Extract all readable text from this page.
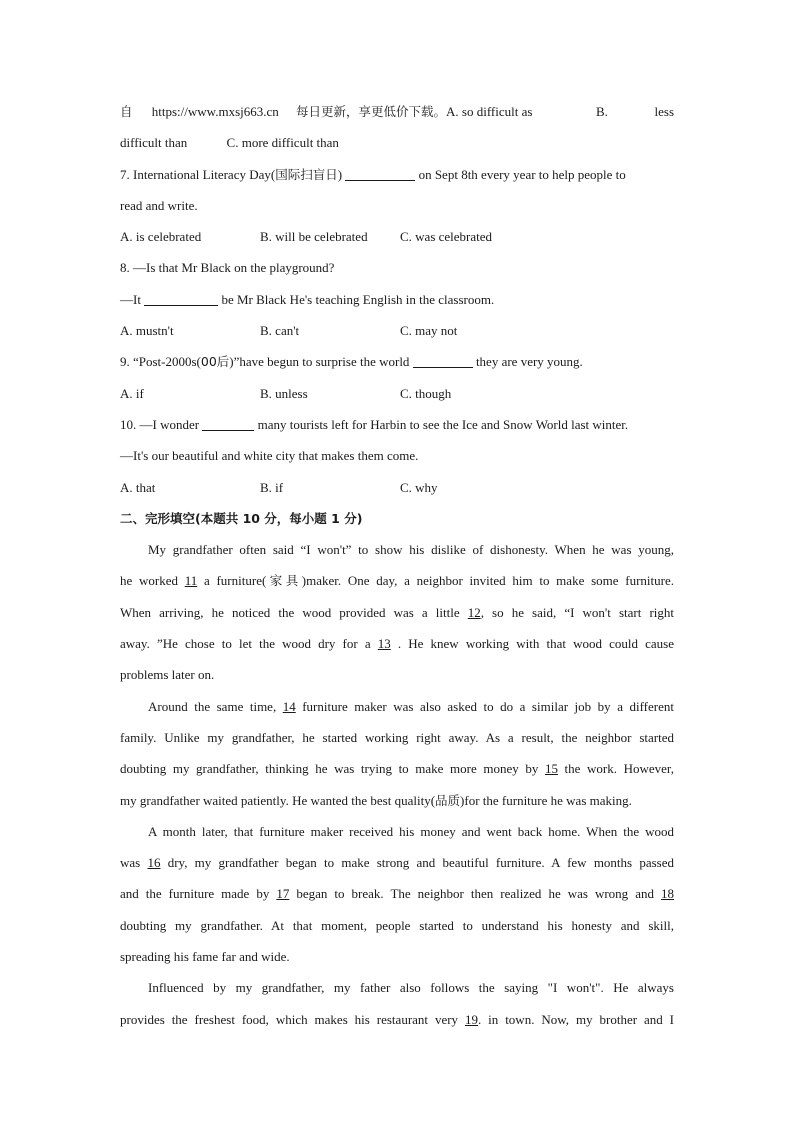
自 https://www.mxsj663.cn 每日更新，享更低价下载。A. so difficult as	B.	less
difficult than	C. more difficult than
7. International Literacy Day(国际扫盲日)	on Sept 8th every year to help people to
read and write.
A. is celebrated	B. will be celebrated C. was celebrated
8. —Is that Mr Black on the playground?
—It	be Mr Black He's teaching English in the classroom.
A. mustn't	B. can't	C. may not
9. “Post-2000s(00后)”have begun to surprise the world	they are very young.
A. if	B. unless	C. though
10. —I wonder	many tourists left for Harbin to see the Ice and Snow World last winter.
—It's our beautiful and white city that makes them come.
A. that	B. if	C. why
二、完形填空(本题共 10 分，每小题 1 分)
My grandfather often said “I won't” to show his dislike of dishonesty. When he was young,
he worked 11 a furniture(家具)maker. One day, a neighbor invited him to make some furniture.
When arriving, he noticed the wood provided was a little 12, so he said, “I won't start right
away. ”He chose to let the wood dry for a 13 . He knew working with that wood could cause
problems later on.
Around the same time, 14 furniture maker was also asked to do a similar job by a different
family. Unlike my grandfather, he started working right away. As a result, the neighbor started
doubting my grandfather, thinking he was trying to make more money by 15 the work. However,
my grandfather waited patiently. He wanted the best quality(品质)for the furniture he was making.
A month later, that furniture maker received his money and went back home. When the wood
was 16 dry, my grandfather began to make strong and beautiful furniture. A few months passed
and the furniture made by 17 began to break. The neighbor then realized he was wrong and 18
doubting my grandfather. At that moment, people started to understand his honesty and skill,
spreading his fame far and wide.
Influenced by my grandfather, my father also follows the saying "I won't". He always
provides the freshest food, which makes his restaurant very 19. in town. Now, my brother and I
